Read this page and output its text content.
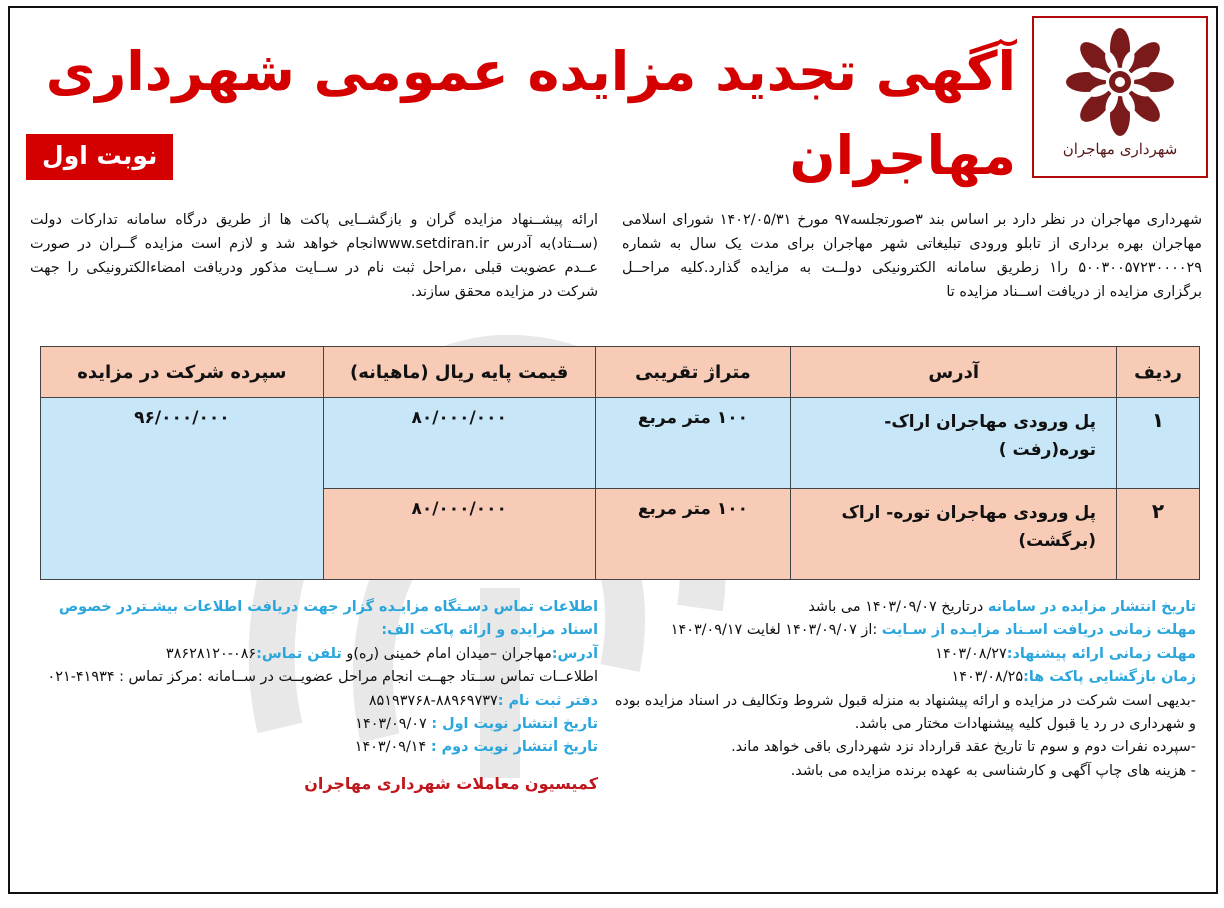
شهرداری مهاجران
آگهی تجدید مزایده عمومی شهرداری مهاجران
نوبت اول
شهرداری مهاجران در نظر دارد بر اساس بند ۳صورتجلسه۹۷ مورخ ۱۴۰۲/۰۵/۳۱ شورای اسلامی مهاجران بهره برداری از تابلو ورودی تبلیغاتی شهر مهاجران برای مدت یک سال به شماره ۵۰۰۳۰۰۵۷۲۳۰۰۰۰۲۹ را۱ زطریق سامانه الکترونیکی دولــت به مزایده گذارد.کلیه مراحــل برگزاری مزایده از دریافت اســناد مزایده تا
ارائه پیشــنهاد مزایده گران و بازگشــایی پاکت ها از طریق درگاه سامانه تدارکات دولت (ســتاد)به آدرس www.setdiran.irانجام خواهد شد و لازم است مزایده گــران در صورت عــدم عضویت قبلی ،مراحل ثبت نام در ســایت مذکور ودریافت امضاءالکترونیکی را جهت شرکت در مزایده محقق سازند.
ردیف	آدرس	متراژ تقریبی	قیمت پایه ریال (ماهیانه)	سپرده شرکت در مزایده
۱	پل ورودی مهاجران اراک- توره(رفت )	۱۰۰ متر مربع	۸۰/۰۰۰/۰۰۰	۹۶/۰۰۰/۰۰۰
۲	پل ورودی مهاجران توره- اراک (برگشت)	۱۰۰ متر مربع	۸۰/۰۰۰/۰۰۰	
تاریخ انتشار مزایده در سامانه درتاریخ ۱۴۰۳/۰۹/۰۷ می باشد
مهلت زمانی دریافت اسـناد مزایـده از سـایت :از ۱۴۰۳/۰۹/۰۷ لغایت ۱۴۰۳/۰۹/۱۷
مهلت زمانی ارائه پیشنهاد:۱۴۰۳/۰۸/۲۷
زمان بازگشایی پاکت ها:۱۴۰۳/۰۸/۲۵
-بدیهی است شرکت در مزایده و ارائه پیشنهاد به منزله قبول شروط وتکالیف در اسناد مزایده بوده و شهرداری در رد یا قبول کلیه پیشنهادات مختار می باشد.
-سپرده نفرات دوم و سوم تا تاریخ عقد قرارداد نزد شهرداری باقی خواهد ماند.
- هزینه های چاپ آگهی و کارشناسی به عهده برنده مزایده می باشد.
اطلاعات تماس دسـتگاه مزایـده گزار جهت دریافت اطلاعات بیشـتردر خصوص اسناد مزایده و ارائه پاکت الف:
آدرس:مهاجران –میدان امام خمینی (ره)و تلفن تماس:۰۸۶-۳۸۶۲۸۱۲۰
اطلاعــات تماس ســتاد جهــت انجام مراحل عضویــت در ســامانه :مرکز تماس : ۴۱۹۳۴-۰۲۱
دفتر ثبت نام :۸۸۹۶۹۷۳۷-۸۵۱۹۳۷۶۸
تاریخ انتشار نوبت اول : ۱۴۰۳/۰۹/۰۷
تاریخ انتشار نوبت دوم : ۱۴۰۳/۰۹/۱۴
کمیسیون معاملات شهرداری مهاجران
